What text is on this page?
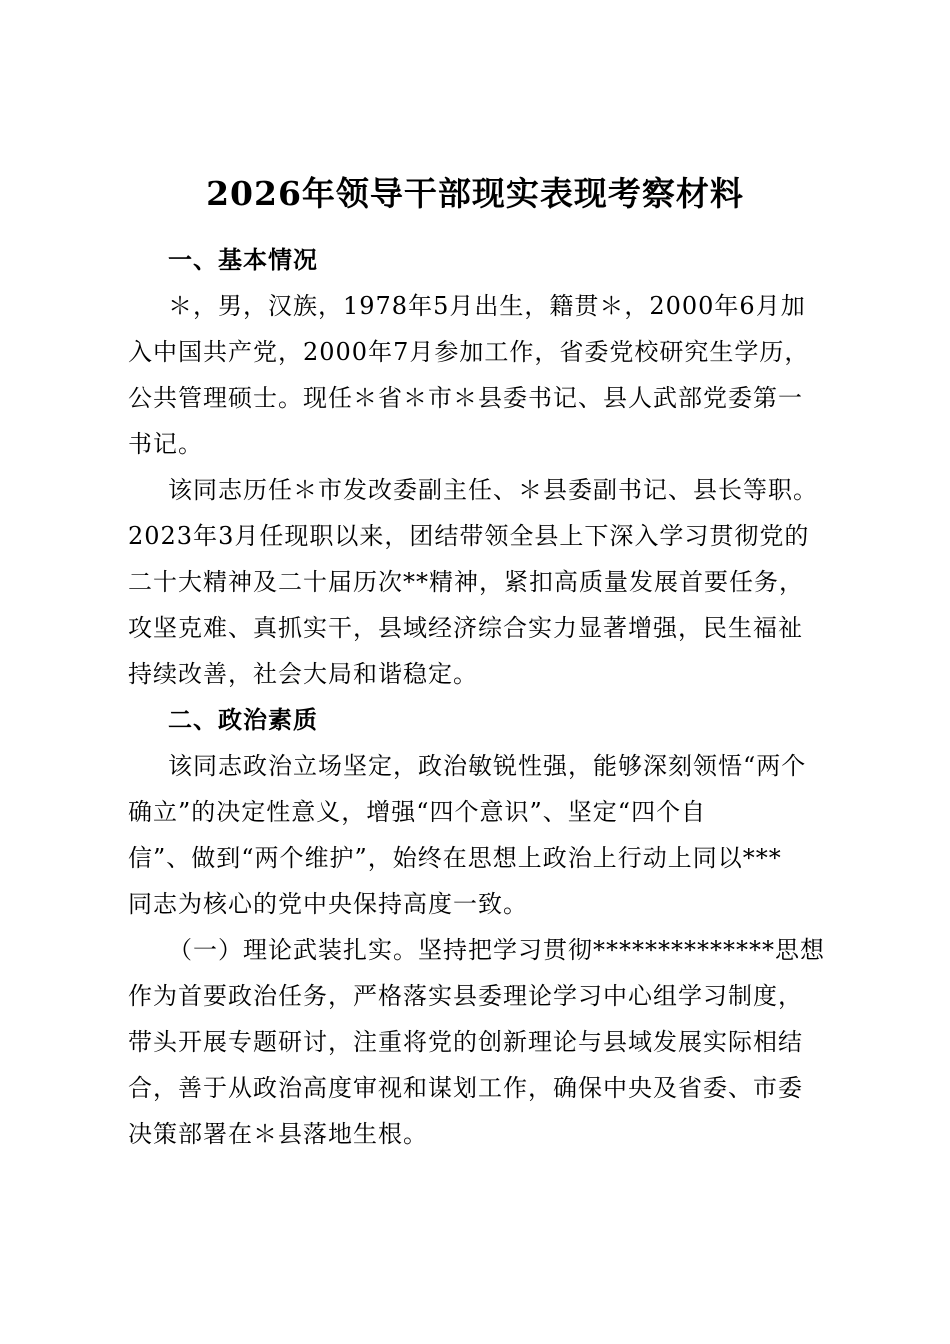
2026年领导干部现实表现考察材料
一、基本情况
＊，男，汉族，1978年5月出生，籍贯＊，2000年6月加
入中国共产党，2000年7月参加工作，省委党校研究生学历，
公共管理硕士。现任＊省＊市＊县委书记、县人武部党委第一
书记。
该同志历任＊市发改委副主任、＊县委副书记、县长等职。
2023年3月任现职以来，团结带领全县上下深入学习贯彻党的
二十大精神及二十届历次**精神，紧扣高质量发展首要任务，
攻坚克难、真抓实干，县域经济综合实力显著增强，民生福祉
持续改善，社会大局和谐稳定。
二、政治素质
该同志政治立场坚定，政治敏锐性强，能够深刻领悟“两个
确立”的决定性意义，增强“四个意识”、坚定“四个自
信”、做到“两个维护”，始终在思想上政治上行动上同以***
同志为核心的党中央保持高度一致。
（一）理论武装扎实。坚持把学习贯彻**************思想
作为首要政治任务，严格落实县委理论学习中心组学习制度，
带头开展专题研讨，注重将党的创新理论与县域发展实际相结
合，善于从政治高度审视和谋划工作，确保中央及省委、市委
决策部署在＊县落地生根。
